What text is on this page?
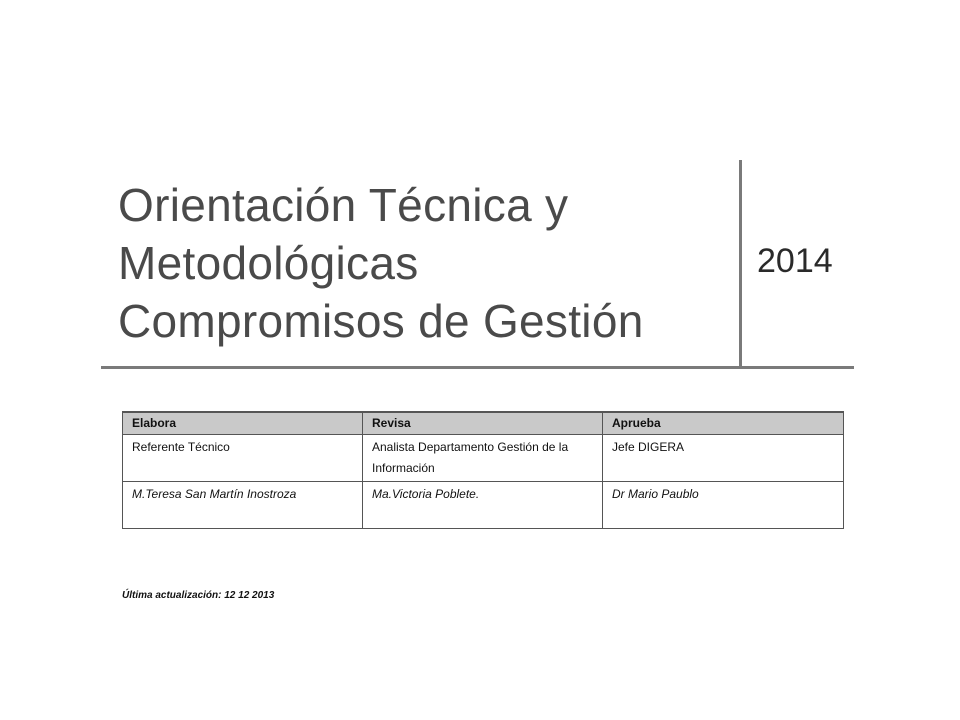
Orientación Técnica y
Metodológicas
Compromisos de Gestión
2014
Elabora	Revisa	Aprueba
Referente Técnico	Analista Departamento Gestión de la Información	Jefe DIGERA
M.Teresa San Martín Inostroza	Ma.Victoria Poblete.	Dr Mario Paublo
Última actualización: 12 12 2013
